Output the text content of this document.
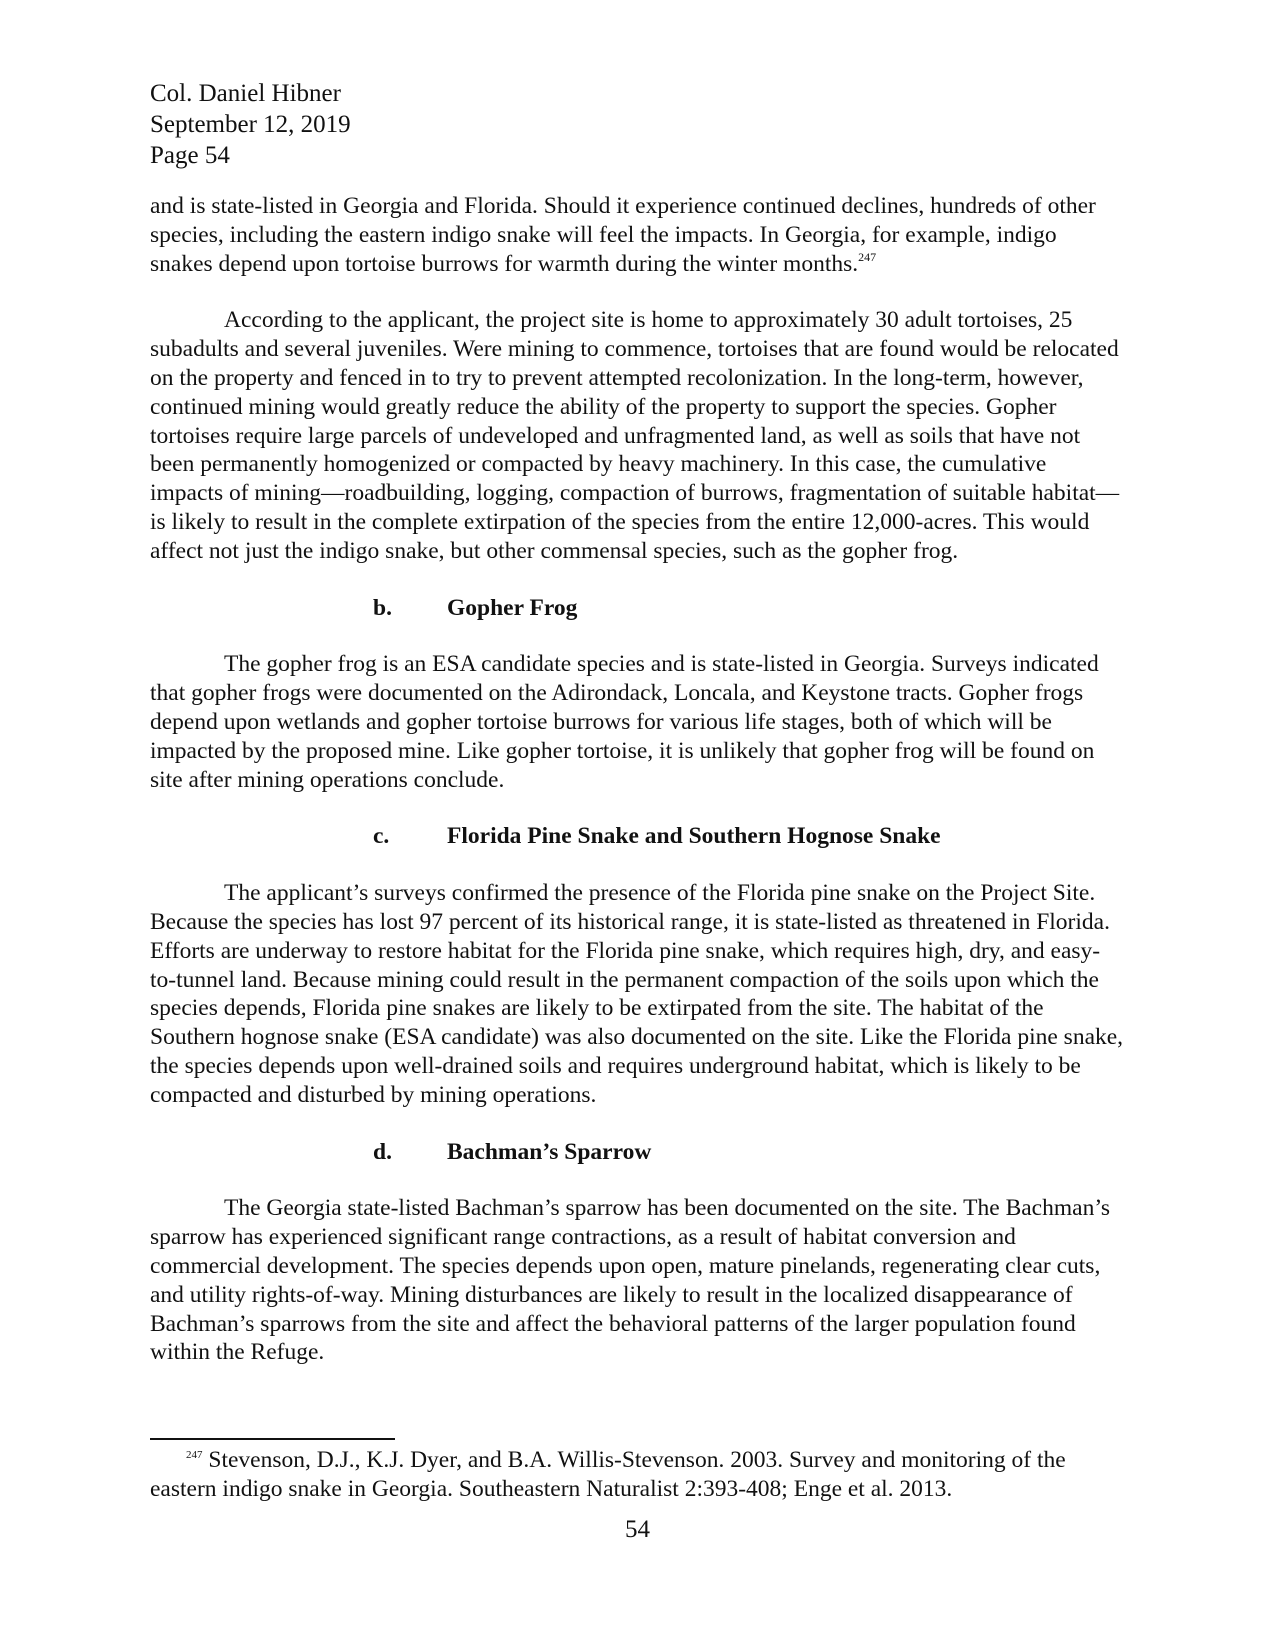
Col. Daniel Hibner
September 12, 2019
Page 54

and is state-listed in Georgia and Florida. Should it experience continued declines, hundreds of other species, including the eastern indigo snake will feel the impacts. In Georgia, for example, indigo snakes depend upon tortoise burrows for warmth during the winter months.$^{247}$

According to the applicant, the project site is home to approximately 30 adult tortoises, 25 subadults and several juveniles. Were mining to commence, tortoises that are found would be relocated on the property and fenced in to try to prevent attempted recolonization. In the long-term, however, continued mining would greatly reduce the ability of the property to support the species. Gopher tortoises require large parcels of undeveloped and unfragmented land, as well as soils that have not been permanently homogenized or compacted by heavy machinery. In this case, the cumulative impacts of mining—roadbuilding, logging, compaction of burrows, fragmentation of suitable habitat—is likely to result in the complete extirpation of the species from the entire 12,000-acres. This would affect not just the indigo snake, but other commensal species, such as the gopher frog.

b. Gopher Frog

The gopher frog is an ESA candidate species and is state-listed in Georgia. Surveys indicated that gopher frogs were documented on the Adirondack, Loncala, and Keystone tracts. Gopher frogs depend upon wetlands and gopher tortoise burrows for various life stages, both of which will be impacted by the proposed mine. Like gopher tortoise, it is unlikely that gopher frog will be found on site after mining operations conclude.

c. Florida Pine Snake and Southern Hognose Snake

The applicant’s surveys confirmed the presence of the Florida pine snake on the Project Site. Because the species has lost 97 percent of its historical range, it is state-listed as threatened in Florida. Efforts are underway to restore habitat for the Florida pine snake, which requires high, dry, and easy-to-tunnel land. Because mining could result in the permanent compaction of the soils upon which the species depends, Florida pine snakes are likely to be extirpated from the site. The habitat of the Southern hognose snake (ESA candidate) was also documented on the site. Like the Florida pine snake, the species depends upon well-drained soils and requires underground habitat, which is likely to be compacted and disturbed by mining operations.

d. Bachman’s Sparrow

The Georgia state-listed Bachman’s sparrow has been documented on the site. The Bachman’s sparrow has experienced significant range contractions, as a result of habitat conversion and commercial development. The species depends upon open, mature pinelands, regenerating clear cuts, and utility rights-of-way. Mining disturbances are likely to result in the localized disappearance of Bachman’s sparrows from the site and affect the behavioral patterns of the larger population found within the Refuge.

$^{247}$ Stevenson, D.J., K.J. Dyer, and B.A. Willis-Stevenson. 2003. Survey and monitoring of the eastern indigo snake in Georgia. Southeastern Naturalist 2:393-408; Enge et al. 2013.
54
